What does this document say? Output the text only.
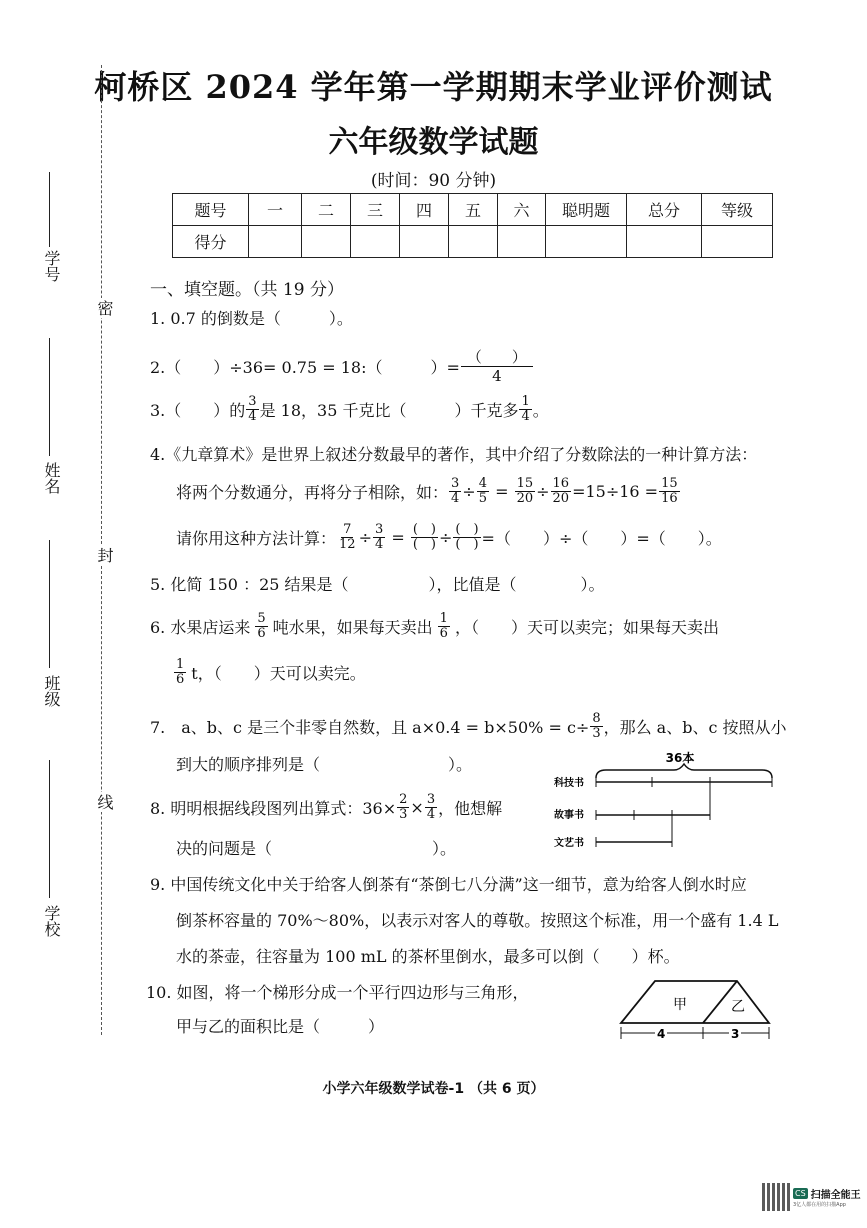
柯桥区 2024 学年第一学期期末学业评价测试
六年级数学试题
(时间：90 分钟)
题号	一	二	三	四	五	六	聪明题	总分	等级
得分									
学号
姓名
班级
学校
密
封
线
一、填空题。（共 19 分）
1. 0.7 的倒数是（　　　）。
2.（　　）÷36= 0.75 = 18:（　　　）= $\frac{( )}{4}$
3.（　　）的 $\frac{3}{4}$ 是 18，35 千克比（　　　）千克多 $\frac{1}{4}$ 。
4.《九章算术》是世界上叙述分数最早的著作，其中介绍了分数除法的一种计算方法：
将两个分数通分，再将分子相除，如： $\frac{3}{4} \div \frac{4}{5} = \frac{15}{20} \div \frac{16}{20} =15\div 16 = \frac{15}{16}$
请你用这种方法计算： $\frac{7}{12} \div \frac{3}{4} = \frac{( )}{( )} \div \frac{( )}{( )}$ =（　　）÷（　　）=（　　）。
5. 化简 150 ：25 结果是（　　　　　），比值是（　　　　）。
6. 水果店运来 $\frac{5}{6}$ 吨水果，如果每天卖出 $\frac{1}{6}$ ，（　　）天可以卖完；如果每天卖出
$\frac{1}{6}$ t，（　　）天可以卖完。
7.　a、b、c 是三个非零自然数，且 $a\times 0.4 = b\times 50\% = c\div \frac{8}{3}$ ，那么 a、b、c 按照从小
到大的顺序排列是（　　　　　　　　）。
8. 明明根据线段图列出算式：$36\times \frac{2}{3} \times \frac{3}{4}$ ，他想解
决的问题是（　　　　　　　　　　）。
36本
科技书
故事书
文艺书
9. 中国传统文化中关于给客人倒茶有“茶倒七八分满”这一细节，意为给客人倒水时应
倒茶杯容量的 70%～80%，以表示对客人的尊敬。按照这个标准，用一个盛有 1.4 L
水的茶壶，往容量为 100 mL 的茶杯里倒水，最多可以倒（　　）杯。
10. 如图，将一个梯形分成一个平行四边形与三角形，
甲与乙的面积比是（　　　）
甲	乙
4	3
小学六年级数学试卷-1 （共 6 页）
CS 扫描全能王
3亿人都在用的扫描App
